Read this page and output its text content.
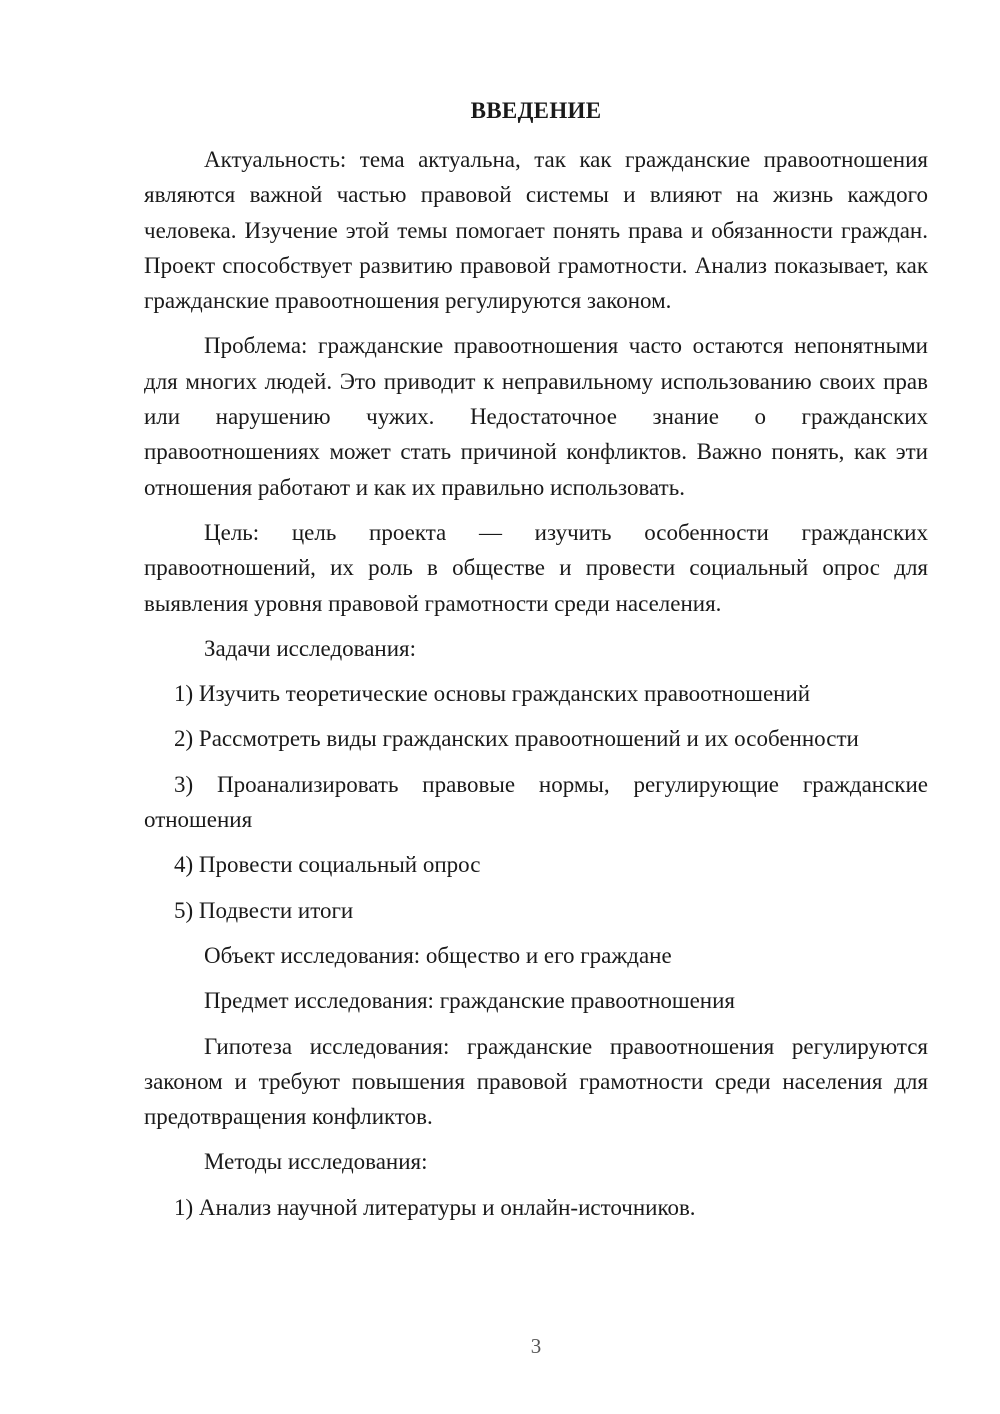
ВВЕДЕНИЕ

Актуальность: тема актуальна, так как гражданские правоотношения являются важной частью правовой системы и влияют на жизнь каждого человека. Изучение этой темы помогает понять права и обязанности граждан. Проект способствует развитию правовой грамотности. Анализ показывает, как гражданские правоотношения регулируются законом.

Проблема: гражданские правоотношения часто остаются непонятными для многих людей. Это приводит к неправильному использованию своих прав или нарушению чужих. Недостаточное знание о гражданских правоотношениях может стать причиной конфликтов. Важно понять, как эти отношения работают и как их правильно использовать.

Цель: цель проекта — изучить особенности гражданских правоотношений, их роль в обществе и провести социальный опрос для выявления уровня правовой грамотности среди населения.

Задачи исследования:

1) Изучить теоретические основы гражданских правоотношений

2) Рассмотреть виды гражданских правоотношений и их особенности

3) Проанализировать правовые нормы, регулирующие гражданские отношения

4) Провести социальный опрос

5) Подвести итоги

Объект исследования: общество и его граждане

Предмет исследования: гражданские правоотношения

Гипотеза исследования: гражданские правоотношения регулируются законом и требуют повышения правовой грамотности среди населения для предотвращения конфликтов.

Методы исследования:

1) Анализ научной литературы и онлайн-источников.

3
